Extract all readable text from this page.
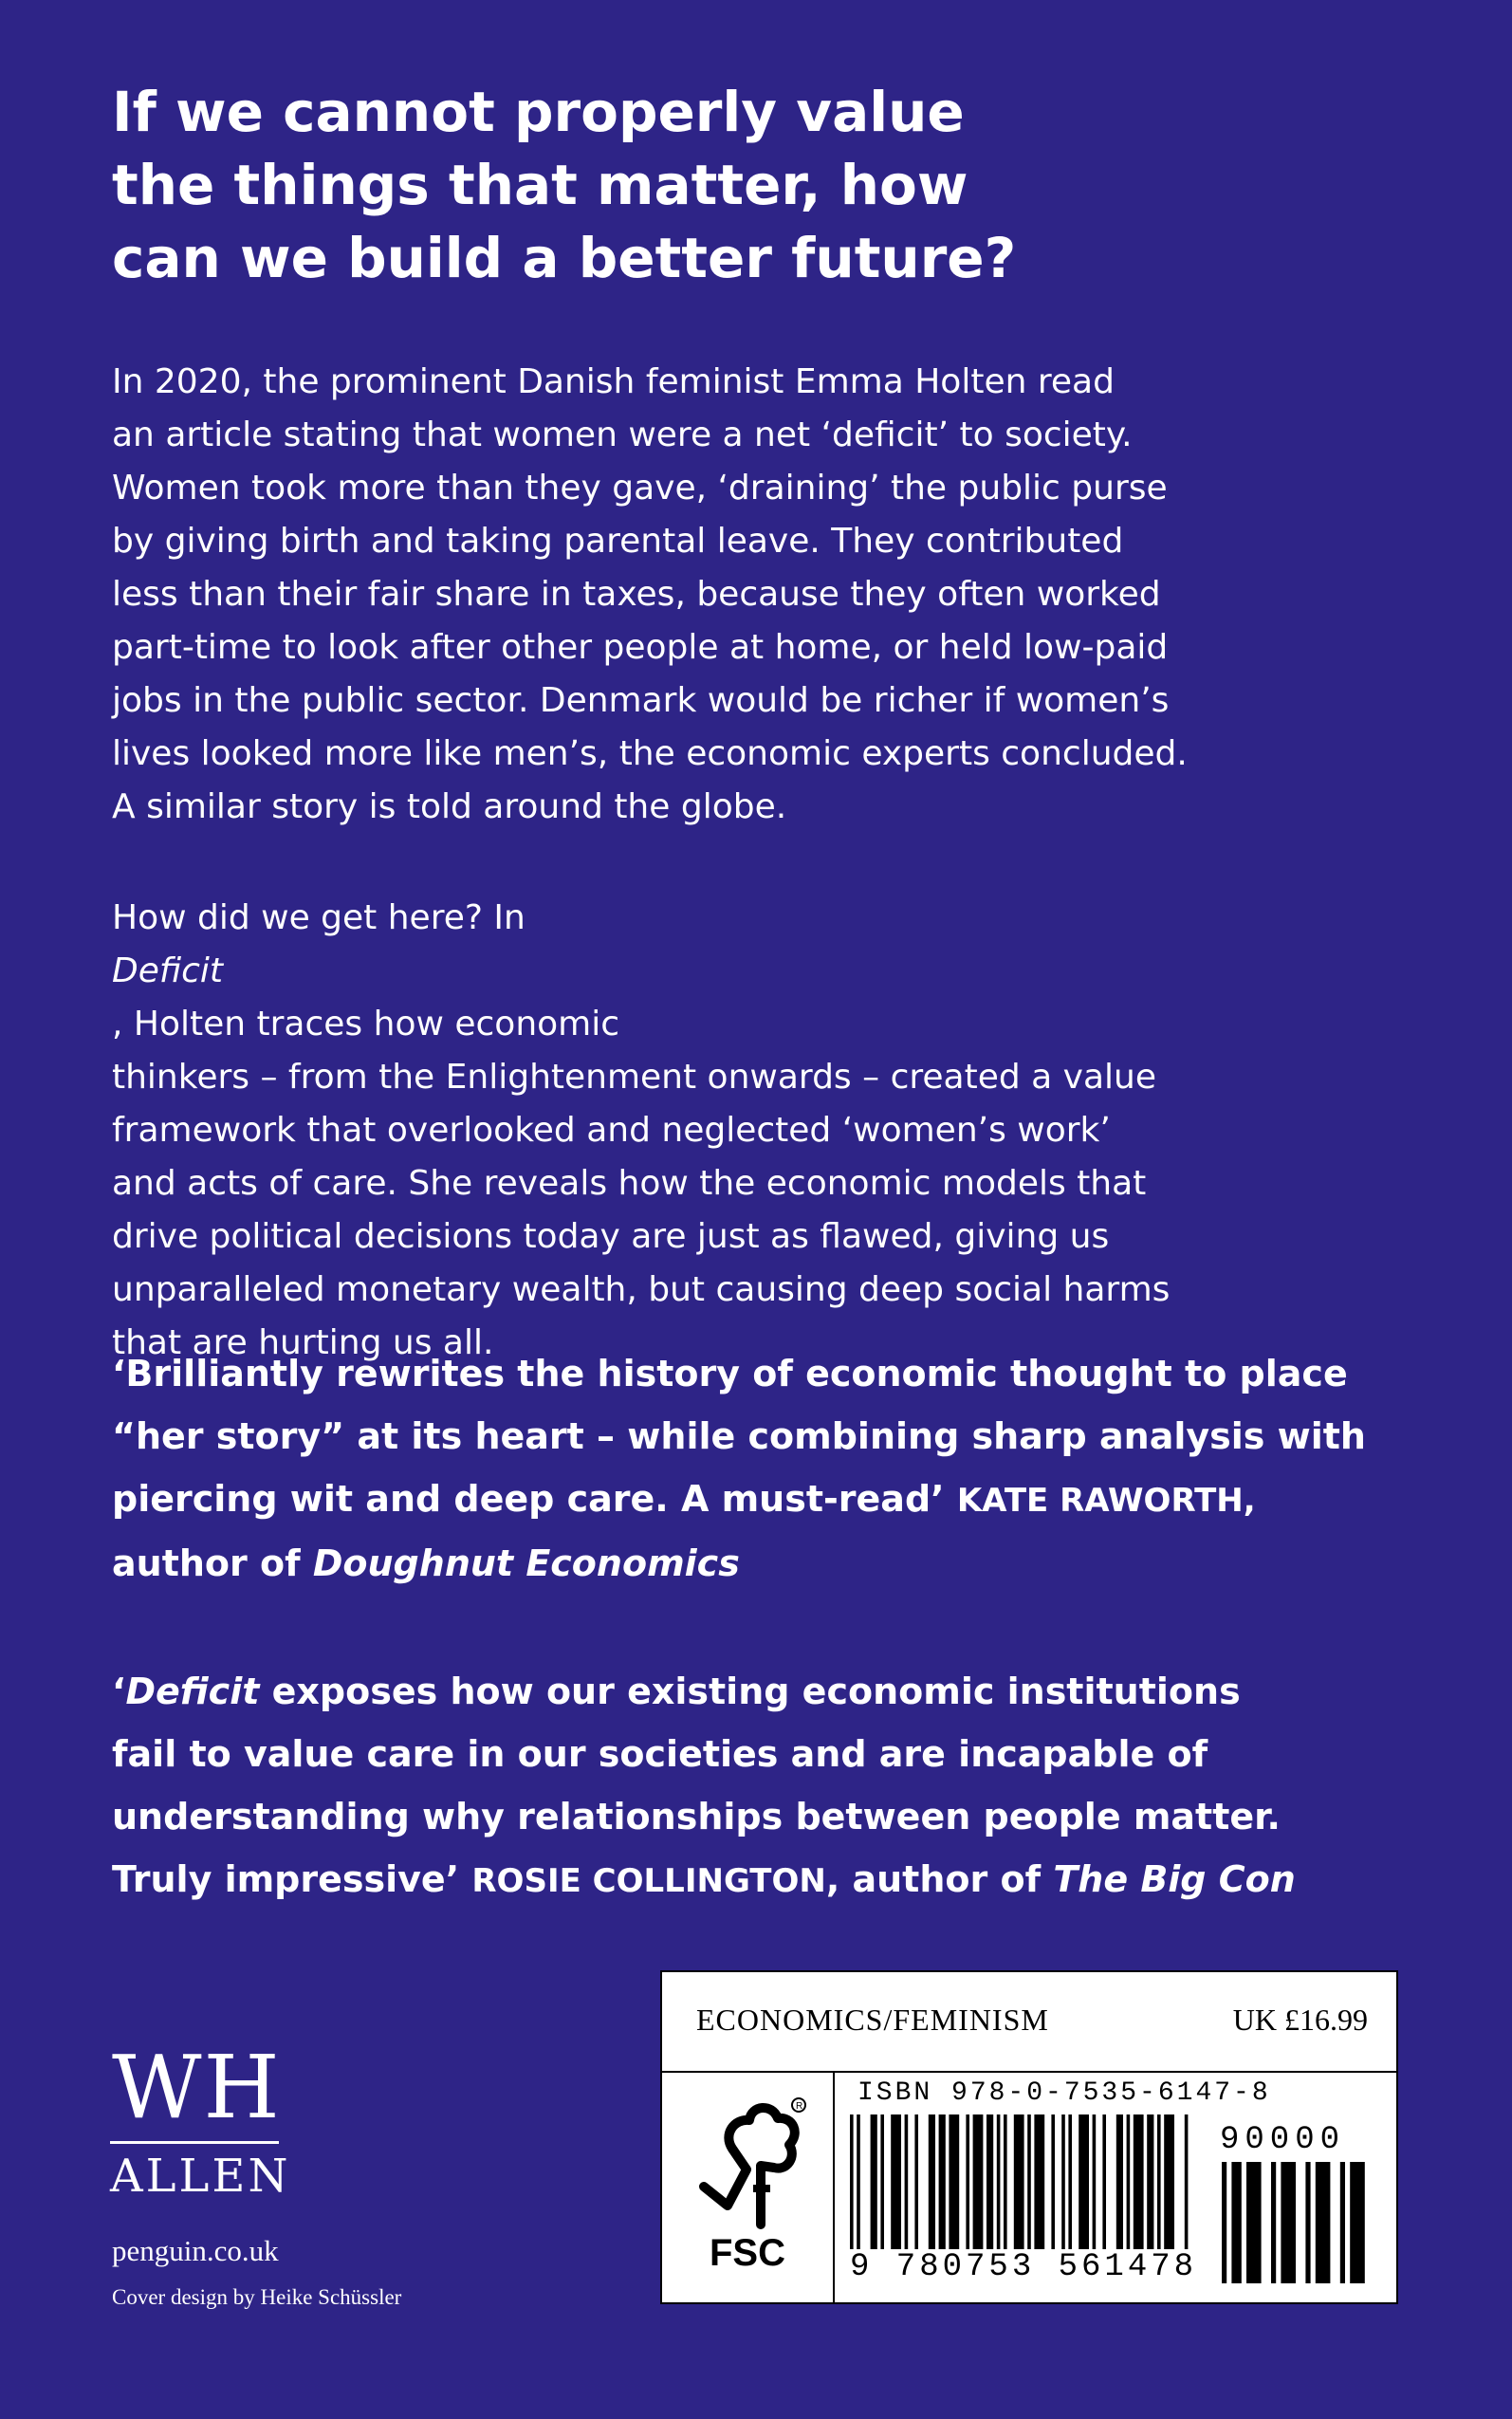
If we cannot properly value
the things that matter, how
can we build a better future?
In 2020, the prominent Danish feminist Emma Holten read
an article stating that women were a net ‘deficit’ to society.
Women took more than they gave, ‘draining’ the public purse
by giving birth and taking parental leave. They contributed
less than their fair share in taxes, because they often worked
part-time to look after other people at home, or held low-paid
jobs in the public sector. Denmark would be richer if women’s
lives looked more like men’s, the economic experts concluded.
A similar story is told around the globe.
How did we get here? In
Deficit
, Holten traces how economic
thinkers – from the Enlightenment onwards – created a value
framework that overlooked and neglected ‘women’s work’
and acts of care. She reveals how the economic models that
drive political decisions today are just as flawed, giving us
unparalleled monetary wealth, but causing deep social harms
that are hurting us all.
‘Brilliantly rewrites the history of economic thought to place
“her story” at its heart – while combining sharp analysis with
piercing wit and deep care. A must-read’ KATE RAWORTH,
author of Doughnut Economics
‘Deficit exposes how our existing economic institutions
fail to value care in our societies and are incapable of
understanding why relationships between people matter.
Truly impressive’ ROSIE COLLINGTON, author of The Big Con

WH

ALLEN

penguin.co.uk

Cover design by Heike Schüssler

ECONOMICS/FEMINISM	UK £16.99
R
FSC
ISBN 978-0-7535-6147-8
9 780753 561478
90000
